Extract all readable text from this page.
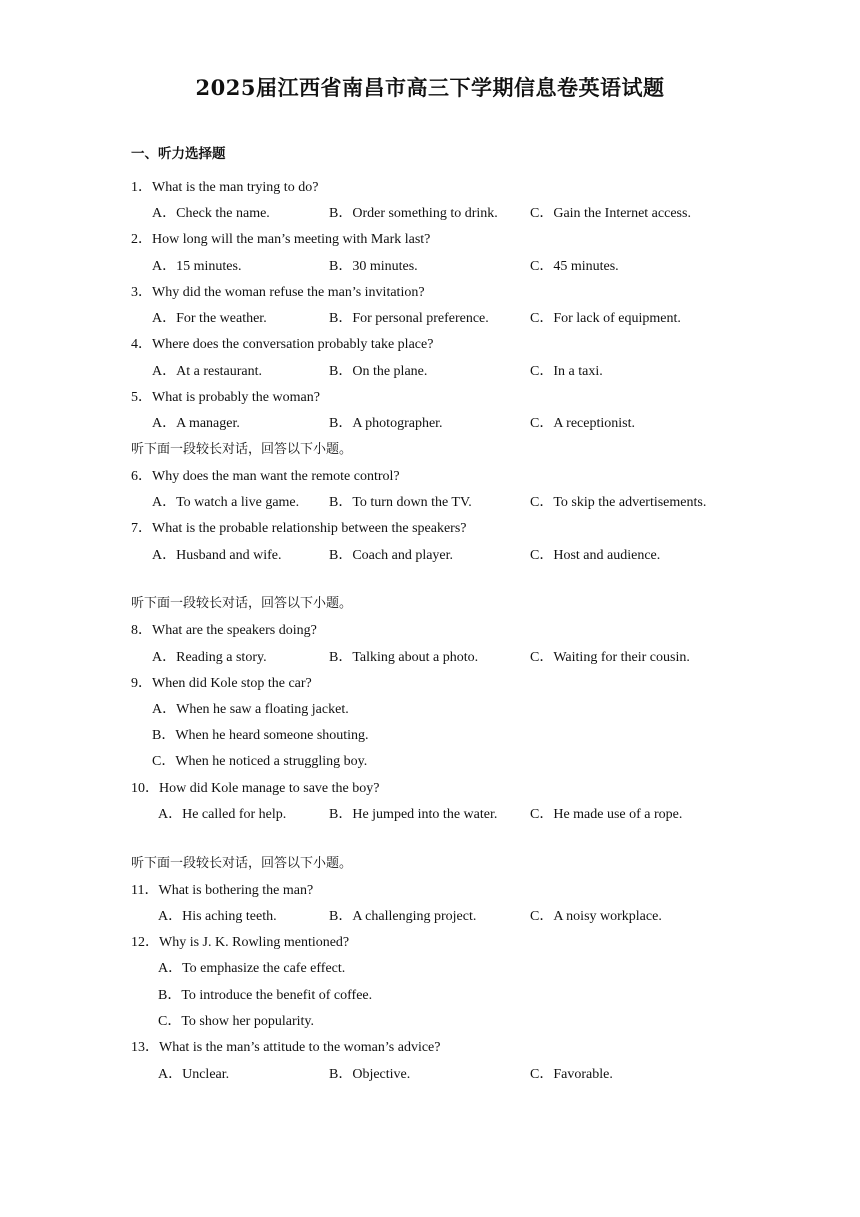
2025届江西省南昌市高三下学期信息卷英语试题
一、听力选择题
1．What is the man trying to do?
A．Check the name.	B．Order something to drink. C．Gain the Internet access.
2．How long will the man’s meeting with Mark last?
A．15 minutes.	B．30 minutes.	C．45 minutes.
3．Why did the woman refuse the man’s invitation?
A．For the weather.	B．For personal preference.	C．For lack of equipment.
4．Where does the conversation probably take place?
A．At a restaurant.	B．On the plane.	C．In a taxi.
5．What is probably the woman?
A．A manager.	B．A photographer.	C．A receptionist.
听下面一段较长对话，回答以下小题。
6．Why does the man want the remote control?
A．To watch a live game. B．To turn down the TV.	C．To skip the advertisements.
7．What is the probable relationship between the speakers?
A．Husband and wife.	B．Coach and player.	C．Host and audience.
听下面一段较长对话，回答以下小题。
8．What are the speakers doing?
A．Reading a story.	B．Talking about a photo.	C．Waiting for their cousin.
9．When did Kole stop the car?
A．When he saw a floating jacket.
B．When he heard someone shouting.
C．When he noticed a struggling boy.
10．How did Kole manage to save the boy?
A．He called for help.	B．He jumped into the water. C．He made use of a rope.
听下面一段较长对话，回答以下小题。
11．What is bothering the man?
A．His aching teeth.	B．A challenging project.	C．A noisy workplace.
12．Why is J. K. Rowling mentioned?
A．To emphasize the cafe effect.
B．To introduce the benefit of coffee.
C．To show her popularity.
13．What is the man’s attitude to the woman’s advice?
A．Unclear.	B．Objective.	C．Favorable.
